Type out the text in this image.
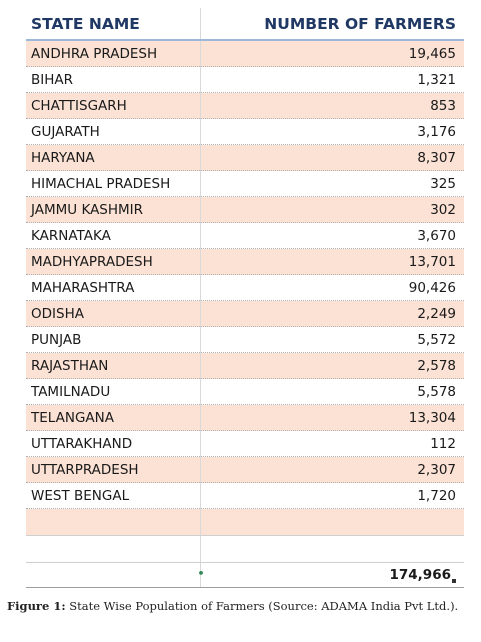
STATE NAME	NUMBER OF FARMERS
ANDHRA PRADESH	19,465
BIHAR	1,321
CHATTISGARH	853
GUJARATH	3,176
HARYANA	8,307
HIMACHAL PRADESH	325
JAMMU KASHMIR	302
KARNATAKA	3,670
MADHYAPRADESH	13,701
MAHARASHTRA	90,426
ODISHA	2,249
PUNJAB	5,572
RAJASTHAN	2,578
TAMILNADU	5,578
TELANGANA	13,304
UTTARAKHAND	112
UTTARPRADESH	2,307
WEST BENGAL	1,720

	• 174,966
Figure 1: State Wise Population of Farmers (Source: ADAMA India Pvt Ltd.).
